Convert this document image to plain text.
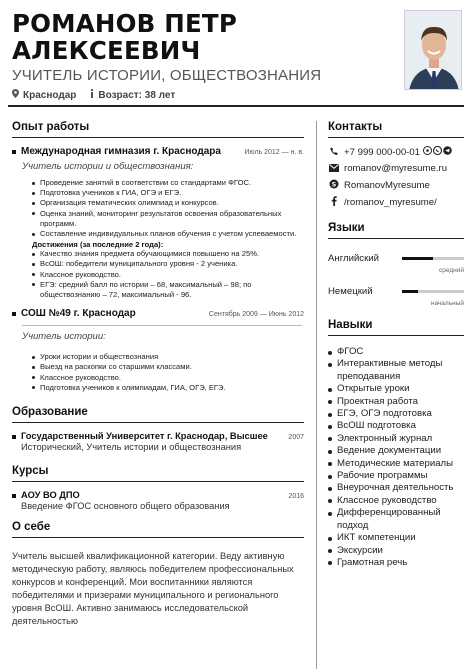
РОМАНОВ ПЕТР
АЛЕКСЕЕВИЧ
УЧИТЕЛЬ ИСТОРИИ, ОБЩЕСТВОЗНАНИЯ
Краснодар	Возраст: 38 лет
Опыт работы
Международная гимназия г. Краснодара	Июль 2012 — н. в.
Учитель истории и обществознания:
Проведение занятий в соответствии со стандартами ФГОС.
Подготовка учеников к ГИА, ОГЭ и ЕГЭ.
Организация тематических олимпиад и конкурсов.
Оценка знаний, мониторинг результатов освоения образовательных программ.
Составление индивидуальных планов обучения с учетом успеваемости.
Достижения (за последние 2 года):
Качество знания предмета обучающимися повышено на 25%.
ВсОШ: победители муниципального уровня - 2 ученика.
Классное руководство.
ЕГЭ: средний балл по истории – 68, максимальный – 98; по обществознанию – 72, максимальный - 96.
СОШ №49 г. Краснодар	Сентябрь 2009 — Июнь 2012
Учитель истории:
Уроки истории и обществознания
Выезд на раскопки со старшими классами.
Классное руководство.
Подготовка учеников к олимпиадам, ГИА, ОГЭ, ЕГЭ.
Образование
Государственный Университет г. Краснодар, Высшее	2007
Исторический, Учитель истории и обществознания
Курсы
АОУ ВО ДПО	2016
Введение ФГОС основного общего образования
О себе
Учитель высшей квалификационной категории. Веду активную методическую работу, являюсь победителем профессиональных конкурсов и конференций. Мои воспитанники являются победителями и призерами муниципального и регионального уровня ВсОШ. Активно занимаюсь исследовательской деятельностью
Контакты
+7 999 000-00-01
romanov@myresume.ru
S RomanovMyresume
/romanov_myresume/
Языки
Английский
средний
Немецкий
начальный
Навыки
ФГОС
Интерактивные методы преподавания
Открытые уроки
Проектная работа
ЕГЭ, ОГЭ подготовка
ВсОШ подготовка
Электронный журнал
Ведение документации
Методические материалы
Рабочие программы
Внеурочная деятельность
Классное руководство
Дифференцированный подход
ИКТ компетенции
Экскурсии
Грамотная речь
